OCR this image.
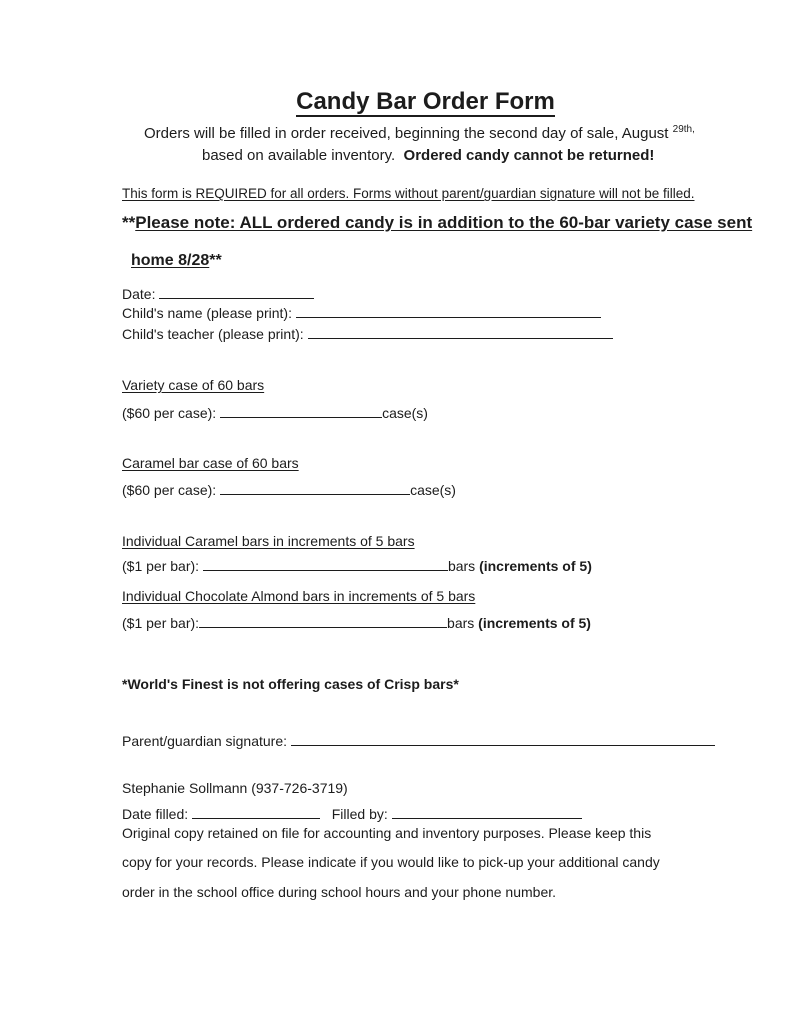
Candy Bar Order Form
Orders will be filled in order received, beginning the second day of sale, August $^{29th,}$
based on available inventory. Ordered candy cannot be returned!
This form is REQUIRED for all orders. Forms without parent/guardian signature will not be filled.
**Please note: ALL ordered candy is in addition to the 60-bar variety case sent
home 8/28**
Date:
Child's name (please print):
Child's teacher (please print):
Variety case of 60 bars
($60 per case):	case(s)
Caramel bar case of 60 bars
($60 per case):	case(s)
Individual Caramel bars in increments of 5 bars
($1 per bar):	bars (increments of 5)
Individual Chocolate Almond bars in increments of 5 bars
($1 per bar):	bars (increments of 5)
*World's Finest is not offering cases of Crisp bars*
Parent/guardian signature:
Stephanie Sollmann (937-726-3719)
Date filled:	Filled by:
Original copy retained on file for accounting and inventory purposes. Please keep this
copy for your records. Please indicate if you would like to pick-up your additional candy
order in the school office during school hours and your phone number.
